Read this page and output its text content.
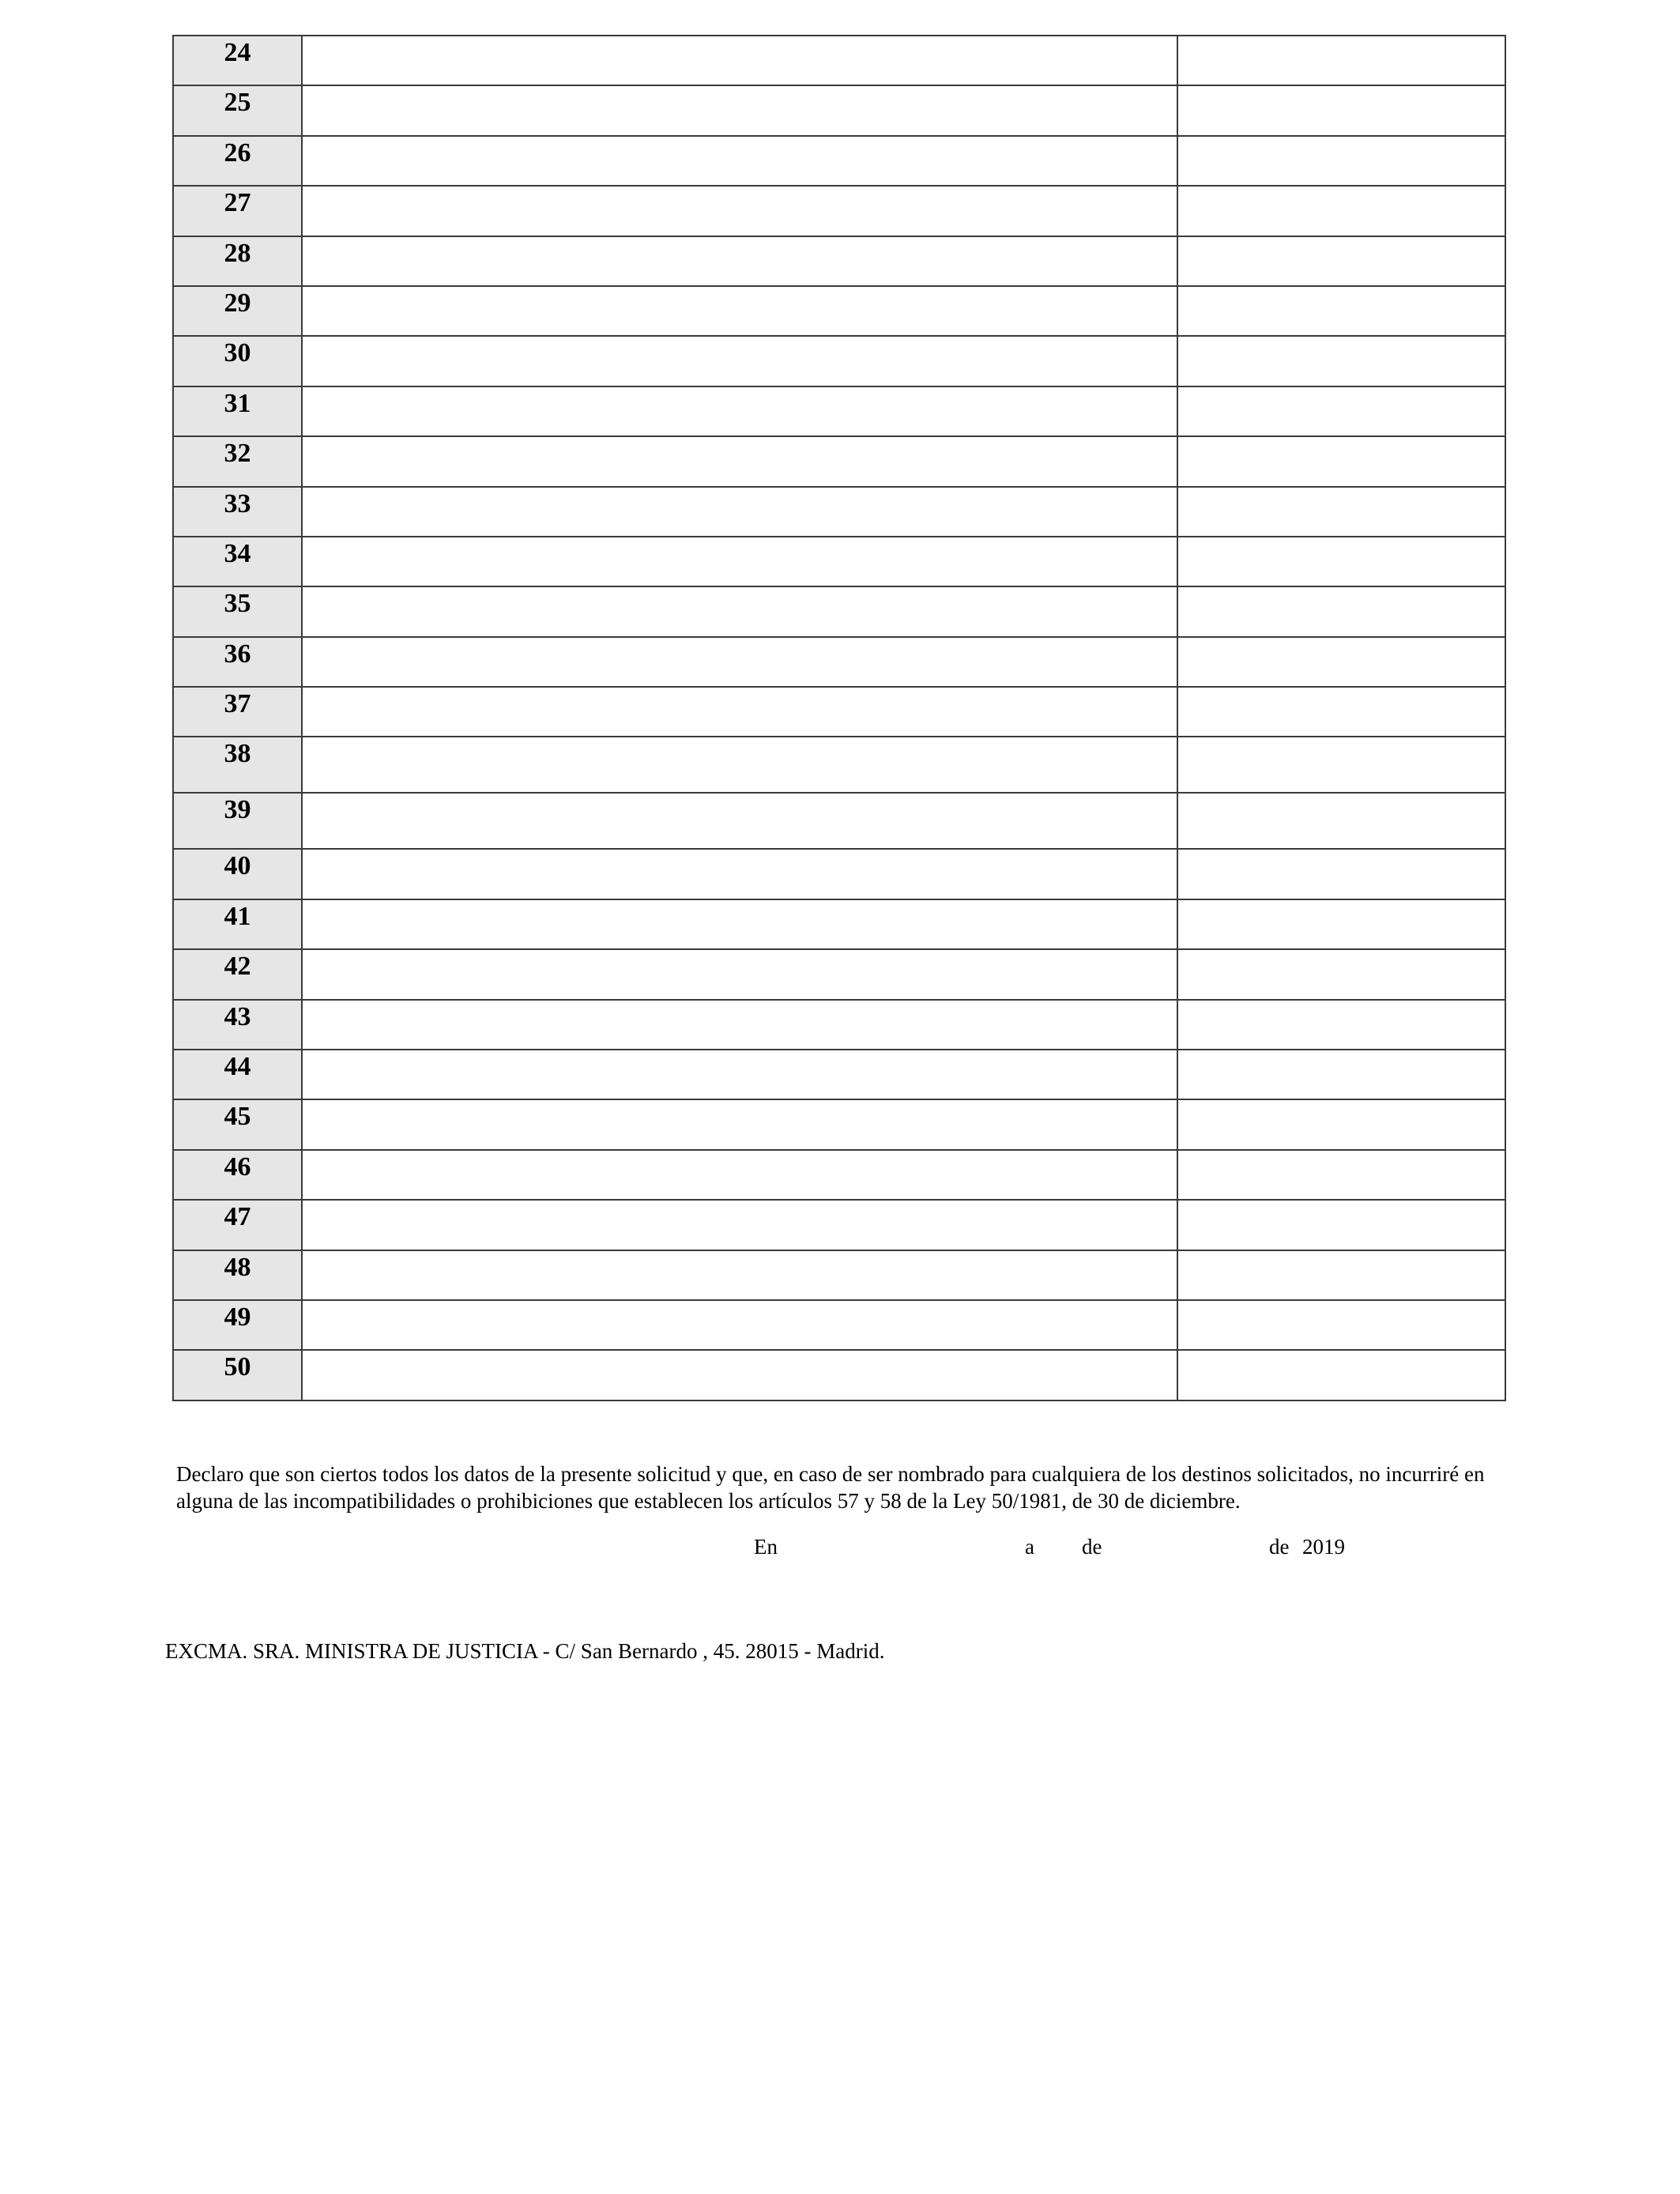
24		
25		
26		
27		
28		
29		
30		
31		
32		
33		
34		
35		
36		
37		
38		
39		
40		
41		
42		
43		
44		
45		
46		
47		
48		
49		
50		

Declaro que son ciertos todos los datos de la presente solicitud y que, en caso de ser nombrado para cualquiera de los destinos solicitados, no incurriré en alguna de las incompatibilidades o prohibiciones que establecen los artículos 57 y 58 de la Ley 50/1981, de 30 de diciembre.

En	a de	de 2019
EXCMA. SRA. MINISTRA DE JUSTICIA - C/ San Bernardo , 45. 28015 - Madrid.
